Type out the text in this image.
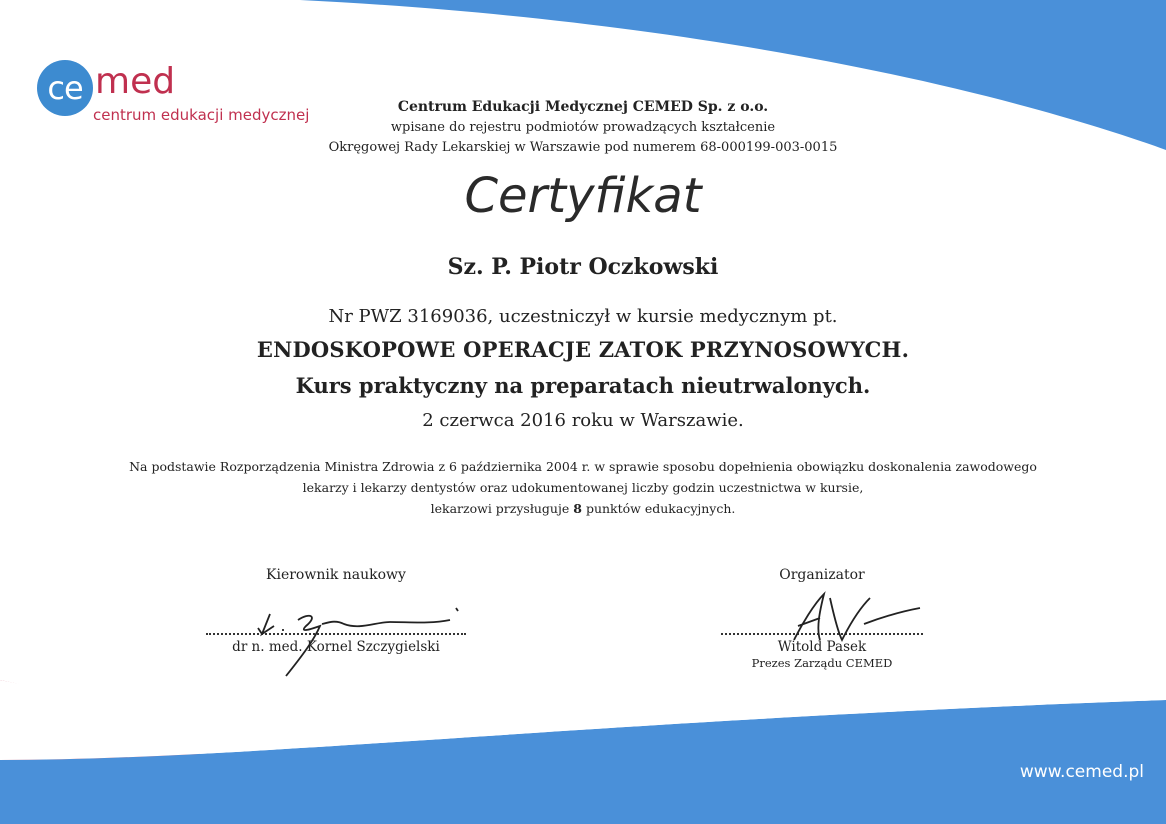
ce med
centrum edukacji medycznej	Centrum Edukacji Medycznej CEMED Sp. z o.o.
wpisane do rejestru podmiotów prowadzących kształcenie
Okręgowej Rady Lekarskiej w Warszawie pod numerem 68-000199-003-0015
Certyfikat
Sz. P. Piotr Oczkowski
Nr PWZ 3169036, uczestniczył w kursie medycznym pt.
ENDOSKOPOWE OPERACJE ZATOK PRZYNOSOWYCH.
Kurs praktyczny na preparatach nieutrwalonych.
2 czerwca 2016 roku w Warszawie.
Na podstawie Rozporządzenia Ministra Zdrowia z 6 października 2004 r. w sprawie sposobu dopełnienia obowiązku doskonalenia zawodowego
lekarzy i lekarzy dentystów oraz udokumentowanej liczby godzin uczestnictwa w kursie,
lekarzowi przysługuje 8 punktów edukacyjnych.
Kierownik naukowy
dr n. med. Kornel Szczygielski
Organizator
Witold Pasek
Prezes Zarządu CEMED
www.cemed.pl
